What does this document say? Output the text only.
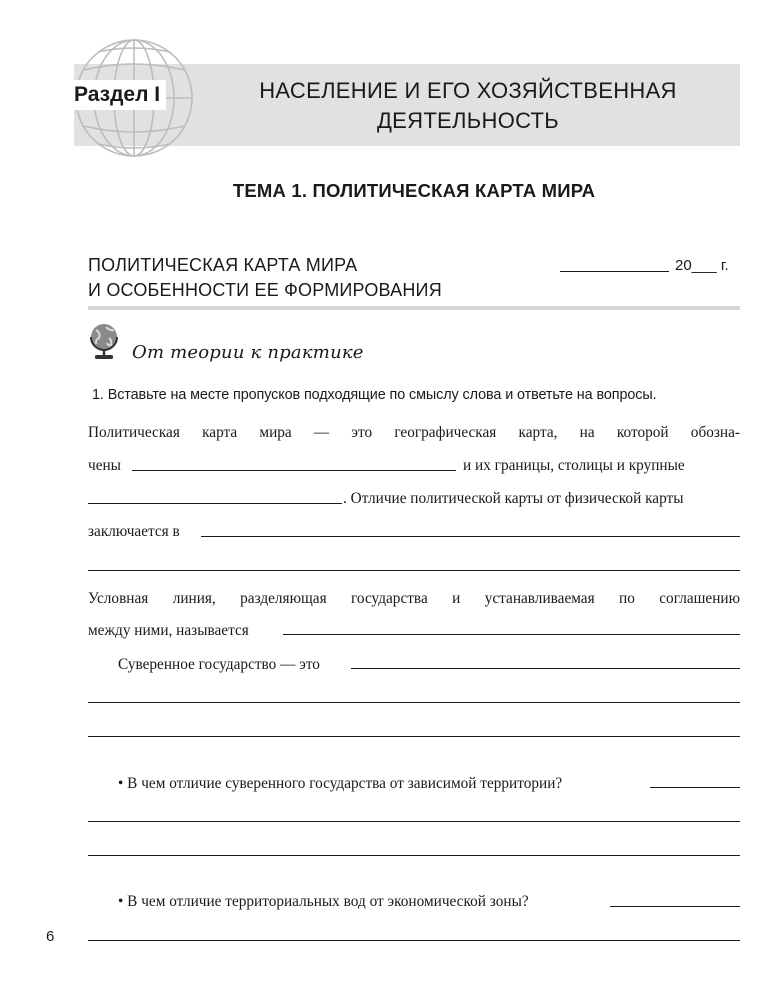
Раздел I	НАСЕЛЕНИЕ И ЕГО ХОЗЯЙСТВЕННАЯ
ДЕЯТЕЛЬНОСТЬ
ТЕМА 1. ПОЛИТИЧЕСКАЯ КАРТА МИРА
ПОЛИТИЧЕСКАЯ КАРТА МИРА
И ОСОБЕННОСТИ ЕЕ ФОРМИРОВАНИЯ
20___ г.
От теории к практике
1. Вставьте на месте пропусков подходящие по смыслу слова и ответьте на вопросы.
Политическая карта мира — это географическая карта, на которой обозна-
чены	и их границы, столицы и крупные
. Отличие политической карты от физической карты
заключается в
Условная линия, разделяющая государства и устанавливаемая по соглашению
между ними, называется
Суверенное государство — это
• В чем отличие суверенного государства от зависимой территории?
• В чем отличие территориальных вод от экономической зоны?
6
